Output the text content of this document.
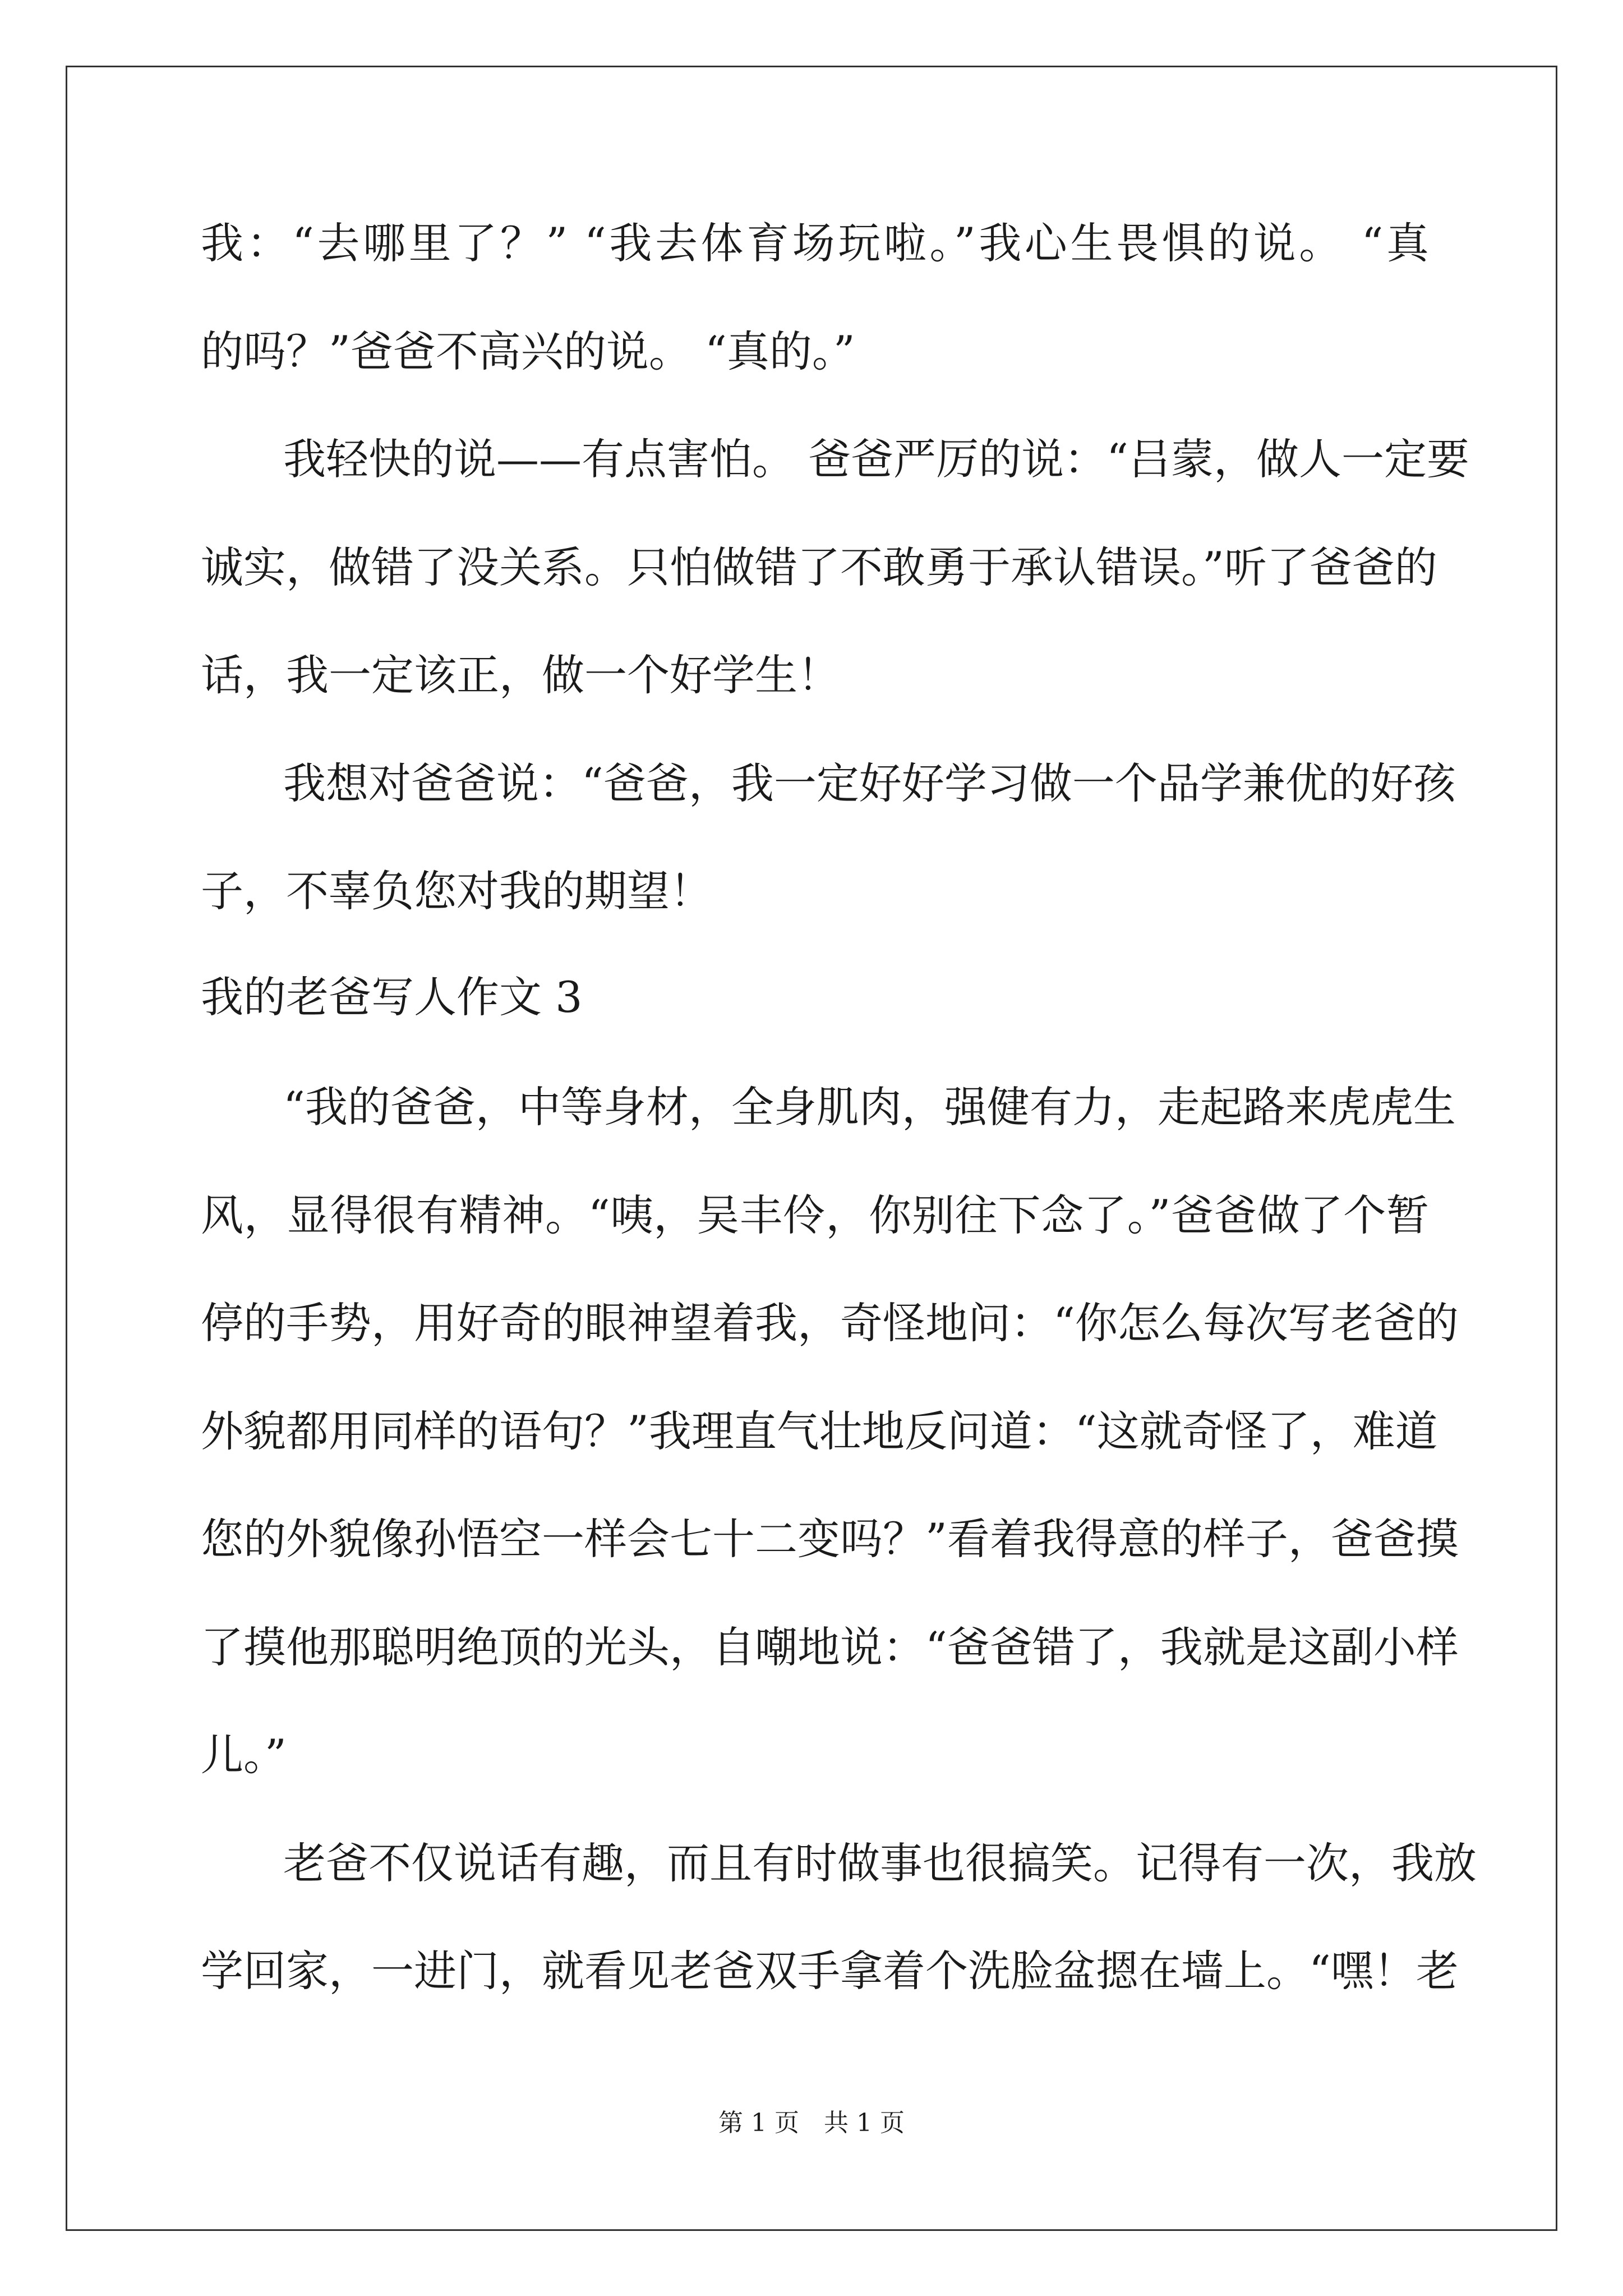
我：“去哪里了？” “我去体育场玩啦。”我心生畏惧的说。 “真
的吗？”爸爸不高兴的说。 “真的。”
我轻快的说——有点害怕。 爸爸严厉的说：“吕蒙，做人一定要
诚实，做错了没关系。只怕做错了不敢勇于承认错误。”听了爸爸的
话，我一定该正，做一个好学生！
我想对爸爸说：“爸爸，我一定好好学习做一个品学兼优的好孩
子，不辜负您对我的期望！
我的老爸写人作文 3
“我的爸爸，中等身材，全身肌肉，强健有力，走起路来虎虎生
风，显得很有精神。“咦，吴丰伶，你别往下念了。”爸爸做了个暂
停的手势，用好奇的眼神望着我，奇怪地问：“你怎么每次写老爸的
外貌都用同样的语句？”我理直气壮地反问道：“这就奇怪了，难道
您的外貌像孙悟空一样会七十二变吗？”看着我得意的样子，爸爸摸
了摸他那聪明绝顶的光头，自嘲地说：“爸爸错了，我就是这副小样
儿。”
老爸不仅说话有趣，而且有时做事也很搞笑。记得有一次，我放
学回家，一进门，就看见老爸双手拿着个洗脸盆摁在墙上。“嘿！老
第 1 页　共 1 页
